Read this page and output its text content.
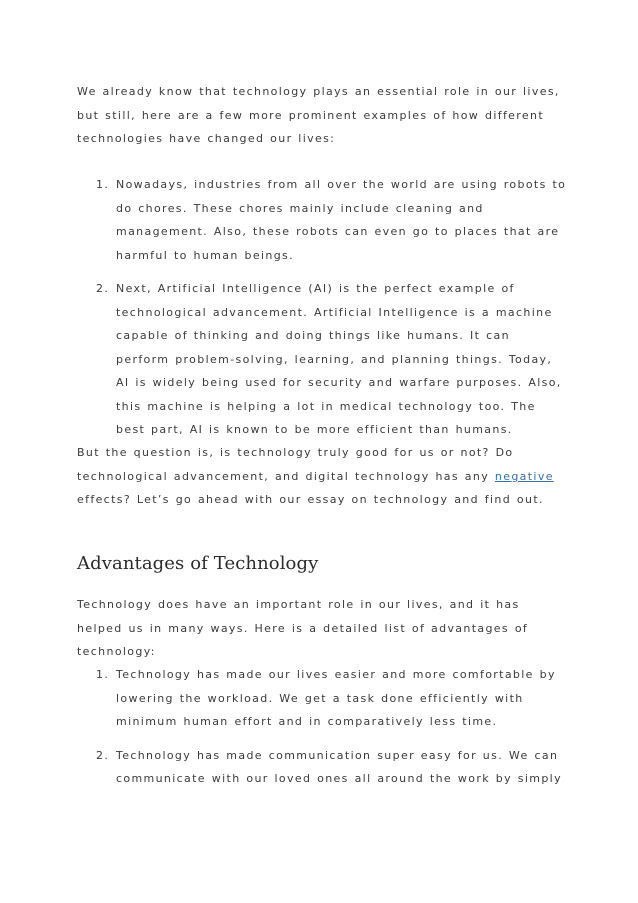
We already know that technology plays an essential role in our lives, but still, here are a few more prominent examples of how different technologies have changed our lives:

1. Nowadays, industries from all over the world are using robots to do chores. These chores mainly include cleaning and management. Also, these robots can even go to places that are harmful to human beings.
2. Next, Artificial Intelligence (AI) is the perfect example of technological advancement. Artificial Intelligence is a machine capable of thinking and doing things like humans. It can perform problem-solving, learning, and planning things. Today, AI is widely being used for security and warfare purposes. Also, this machine is helping a lot in medical technology too. The best part, AI is known to be more efficient than humans.

But the question is, is technology truly good for us or not? Do technological advancement, and digital technology has any negative effects? Let’s go ahead with our essay on technology and find out.

Advantages of Technology

Technology does have an important role in our lives, and it has helped us in many ways. Here is a detailed list of advantages of technology:

1. Technology has made our lives easier and more comfortable by lowering the workload. We get a task done efficiently with minimum human effort and in comparatively less time.
2. Technology has made communication super easy for us. We can communicate with our loved ones all around the work by simply
